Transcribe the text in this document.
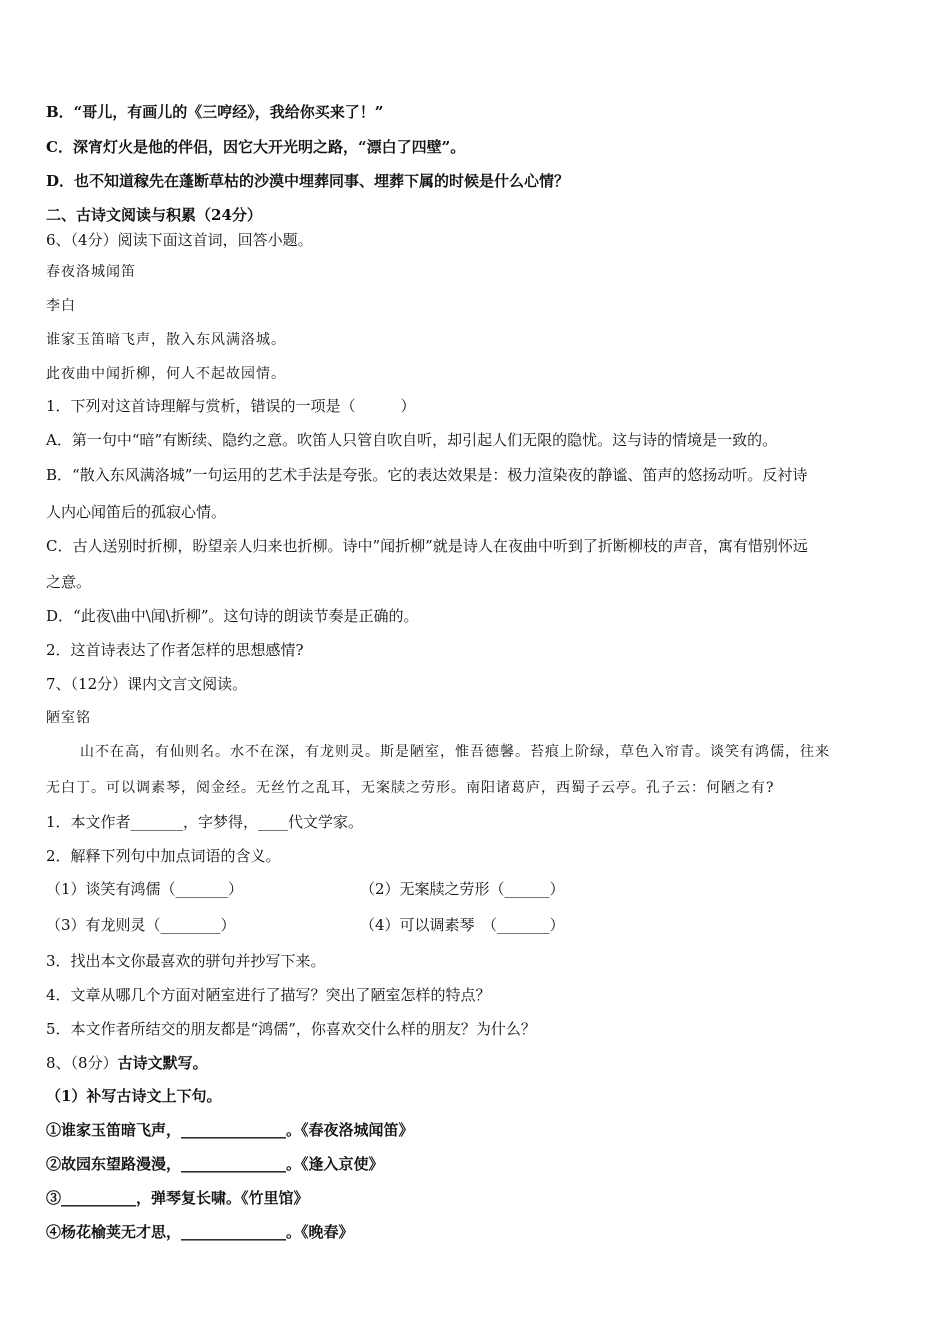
B．“哥儿，有画儿的《三哼经》，我给你买来了！”
C．深宵灯火是他的伴侣，因它大开光明之路，“漂白了四壁”。
D．也不知道稼先在蓬断草枯的沙漠中埋葬同事、埋葬下属的时候是什么心情？
二、古诗文阅读与积累（24分）
6、（4分）阅读下面这首词，回答小题。
春夜洛城闻笛
李白
谁家玉笛暗飞声，散入东风满洛城。
此夜曲中闻折柳，何人不起故园情。
1．下列对这首诗理解与赏析，错误的一项是（　　　）
A．第一句中“暗”有断续、隐约之意。吹笛人只管自吹自听，却引起人们无限的隐忧。这与诗的情境是一致的。
B．“散入东风满洛城”一句运用的艺术手法是夸张。它的表达效果是：极力渲染夜的静谧、笛声的悠扬动听。反衬诗
人内心闻笛后的孤寂心情。
C．古人送别时折柳，盼望亲人归来也折柳。诗中”闻折柳”就是诗人在夜曲中听到了折断柳枝的声音，寓有惜别怀远
之意。
D．“此夜\曲中\闻\折柳”。这句诗的朗读节奏是正确的。
2．这首诗表达了作者怎样的思想感情?
7、（12分）课内文言文阅读。
陋室铭
山不在高，有仙则名。水不在深，有龙则灵。斯是陋室，惟吾德馨。苔痕上阶绿，草色入帘青。谈笑有鸿儒，往来
无白丁。可以调素琴，阅金经。无丝竹之乱耳，无案牍之劳形。南阳诸葛庐，西蜀子云亭。孔子云：何陋之有?
1．本文作者_______，字梦得，____代文学家。
2．解释下列句中加点词语的含义。
（1）谈笑有鸿儒（_______）	（2）无案牍之劳形（______）
（3）有龙则灵（________）	（4）可以调素琴　（_______）
3．找出本文你最喜欢的骈句并抄写下来。
4．文章从哪几个方面对陋室进行了描写？突出了陋室怎样的特点？
5．本文作者所结交的朋友都是“鸿儒”，你喜欢交什么样的朋友？为什么？
8、（8分）古诗文默写。
（1）补写古诗文上下句。
①谁家玉笛暗飞声，______________。《春夜洛城闻笛》
②故园东望路漫漫，______________。《逢入京使》
③__________，弹琴复长啸。《竹里馆》
④杨花榆荚无才思，______________。《晚春》
